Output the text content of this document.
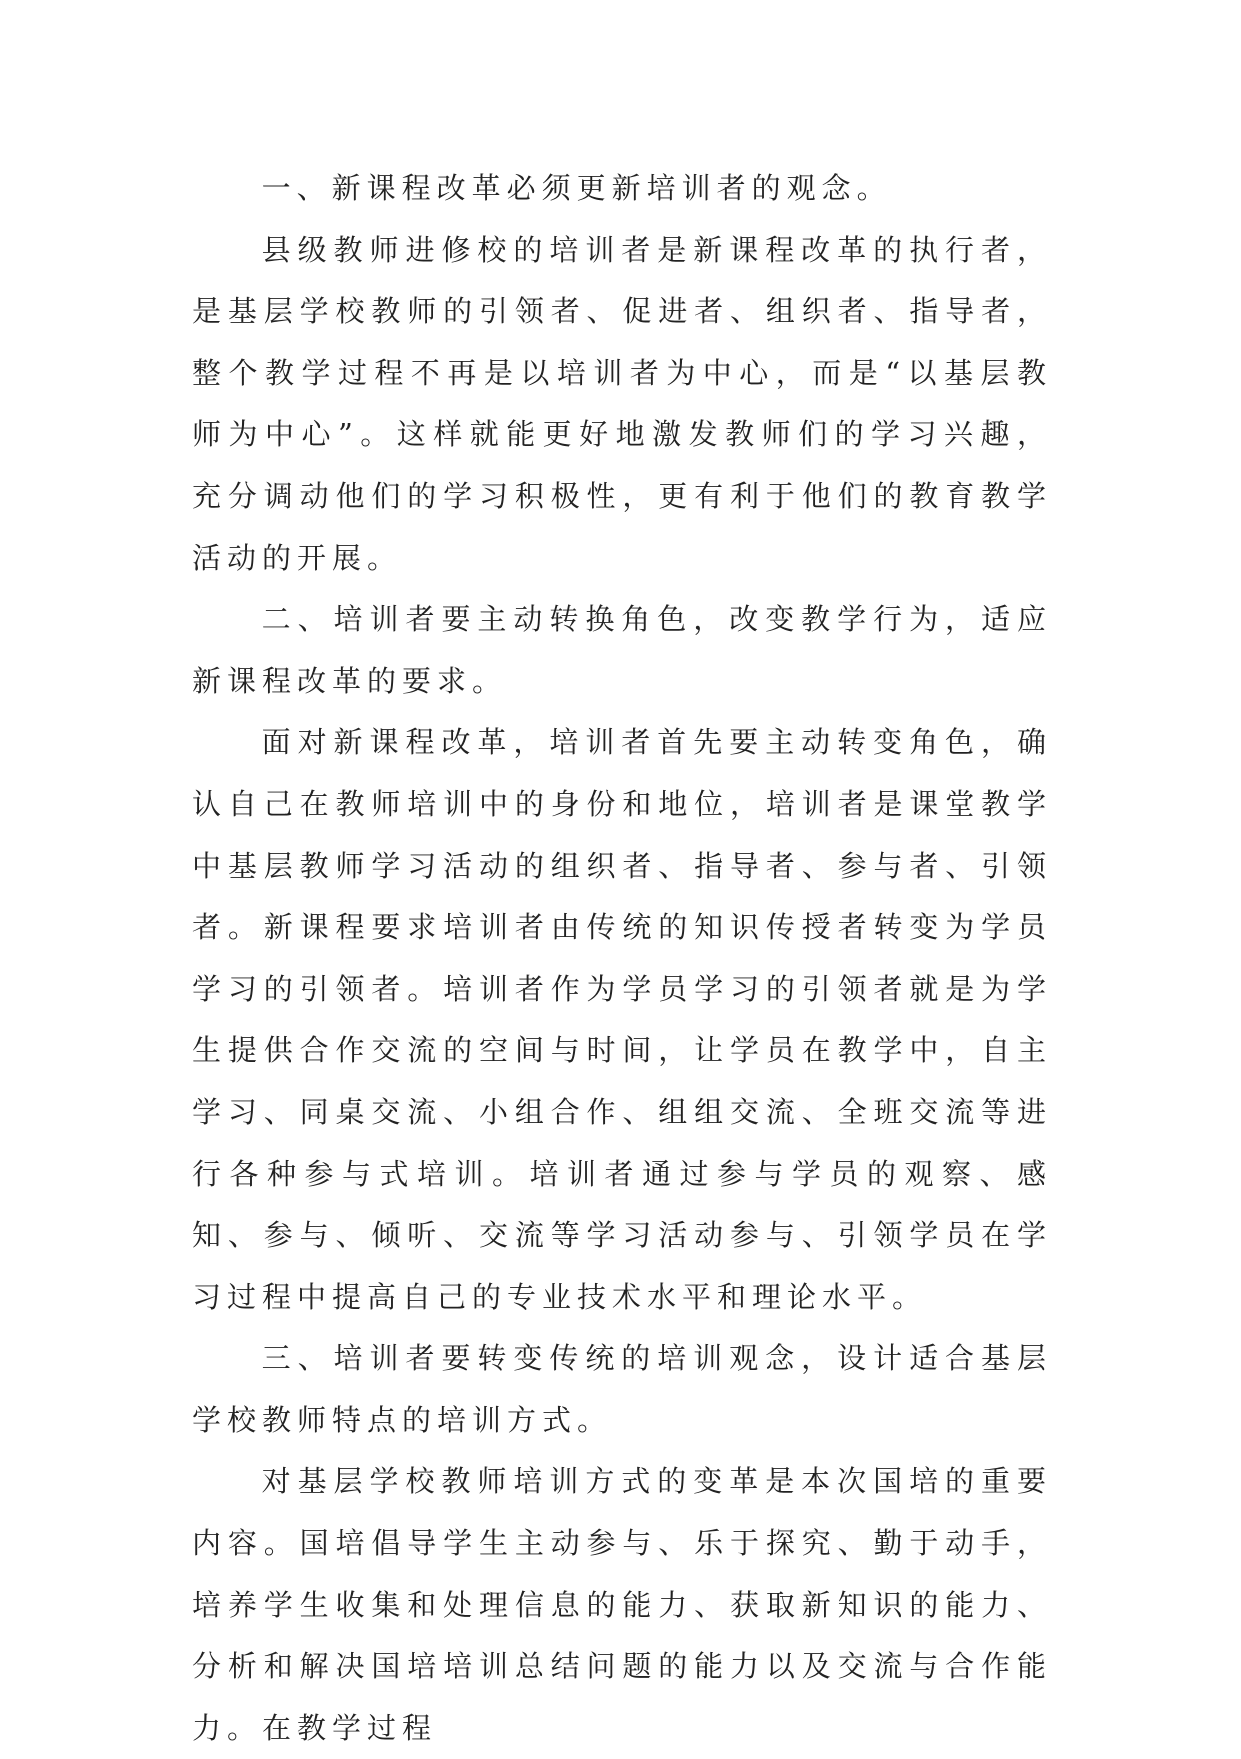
一、新课程改革必须更新培训者的观念。

县级教师进修校的培训者是新课程改革的执行者，是基层学校教师的引领者、促进者、组织者、指导者，整个教学过程不再是以培训者为中心，而是“以基层教师为中心”。这样就能更好地激发教师们的学习兴趣，充分调动他们的学习积极性，更有利于他们的教育教学活动的开展。

二、培训者要主动转换角色，改变教学行为，适应新课程改革的要求。

面对新课程改革，培训者首先要主动转变角色，确认自己在教师培训中的身份和地位，培训者是课堂教学中基层教师学习活动的组织者、指导者、参与者、引领者。新课程要求培训者由传统的知识传授者转变为学员学习的引领者。培训者作为学员学习的引领者就是为学生提供合作交流的空间与时间，让学员在教学中，自主学习、同桌交流、小组合作、组组交流、全班交流等进行各种参与式培训。培训者通过参与学员的观察、感知、参与、倾听、交流等学习活动参与、引领学员在学习过程中提高自己的专业技术水平和理论水平。

三、培训者要转变传统的培训观念，设计适合基层学校教师特点的培训方式。

对基层学校教师培训方式的变革是本次国培的重要内容。国培倡导学生主动参与、乐于探究、勤于动手，培养学生收集和处理信息的能力、获取新知识的能力、分析和解决国培培训总结问题的能力以及交流与合作能力。在教学过程
